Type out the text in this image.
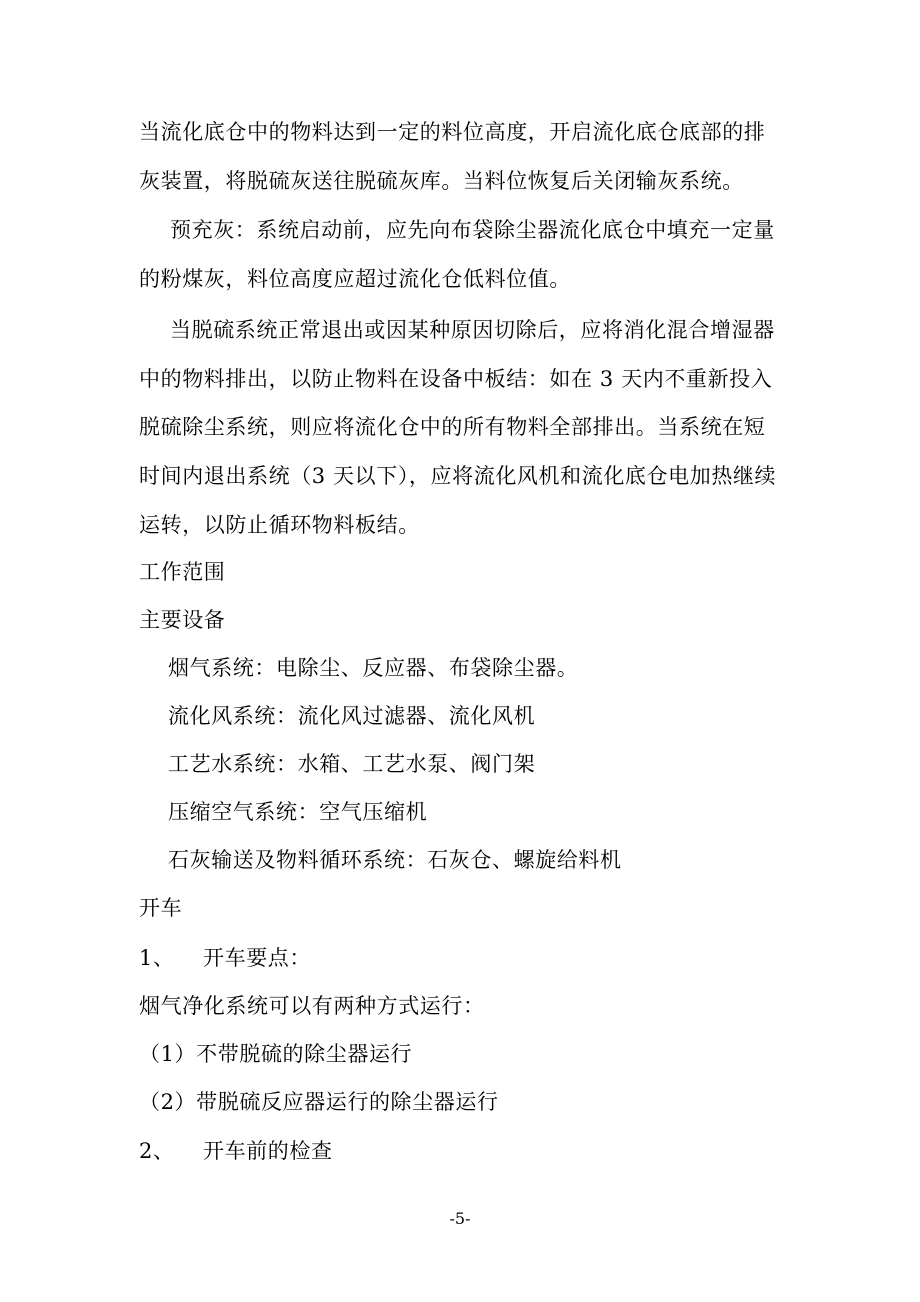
当流化底仓中的物料达到一定的料位高度，开启流化底仓底部的排
灰装置，将脱硫灰送往脱硫灰库。当料位恢复后关闭输灰系统。
预充灰：系统启动前，应先向布袋除尘器流化底仓中填充一定量
的粉煤灰，料位高度应超过流化仓低料位值。
当脱硫系统正常退出或因某种原因切除后，应将消化混合增湿器
中的物料排出，以防止物料在设备中板结：如在 3 天内不重新投入
脱硫除尘系统，则应将流化仓中的所有物料全部排出。当系统在短
时间内退出系统（3 天以下），应将流化风机和流化底仓电加热继续
运转，以防止循环物料板结。
工作范围
主要设备
烟气系统：电除尘、反应器、布袋除尘器。
流化风系统：流化风过滤器、流化风机
工艺水系统：水箱、工艺水泵、阀门架
压缩空气系统：空气压缩机
石灰输送及物料循环系统：石灰仓、螺旋给料机
开车
1、 开车要点：
烟气净化系统可以有两种方式运行：
（1）不带脱硫的除尘器运行
（2）带脱硫反应器运行的除尘器运行
2、 开车前的检查
-5-
